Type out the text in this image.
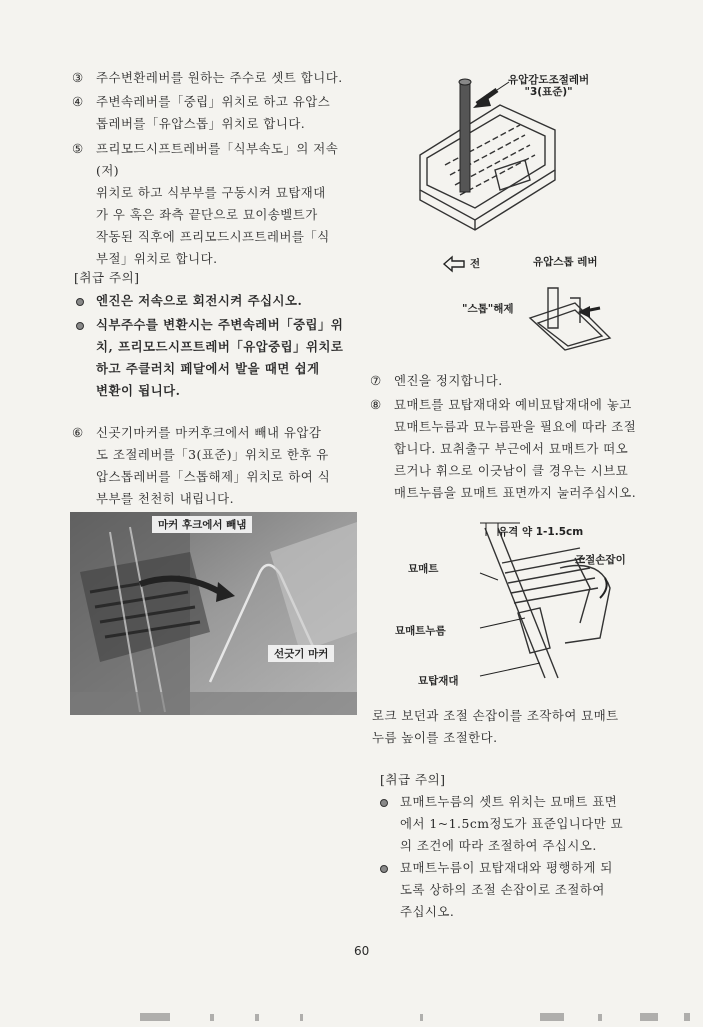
③ 주수변환레버를 원하는 주수로 셋트 합니다.
④ 주변속레버를「중립」위치로 하고 유압스
톱레버를「유압스톱」위치로 합니다.
⑤ 프리모드시프트레버를「식부속도」의 저속(저)
위치로 하고 식부부를 구동시켜 묘탑재대
가 우 혹은 좌측 끝단으로 묘이송벨트가
작동된 직후에 프리모드시프트레버를「식
부절」위치로 합니다.
[취급 주의]
엔진은 저속으로 회전시켜 주십시오.
식부주수를 변환시는 주변속레버「중립」위
치, 프리모드시프트레버「유압중립」위치로
하고 주클러치 페달에서 발을 때면 쉽게
변환이 됩니다.
⑥ 신곳기마커를 마커후크에서 빼내 유압감
도 조절레버를「3(표준)」위치로 한후 유
압스톱레버를「스톱해제」위치로 하여 식
부부를 천천히 내립니다.
마커 후크에서 빼냄
선긋기 마커
유압감도조절레버
"3(표준)"
전	유압스톱 레버
"스톱"해제
⑦ 엔진을 정지합니다.
⑧ 묘매트를 묘탑재대와 예비묘탑재대에 놓고
묘매트누름과 묘누름판을 필요에 따라 조절
합니다. 묘취출구 부근에서 묘매트가 떠오
르거나 휘으로 이긋남이 클 경우는 시브묘
매트누름을 묘매트 표면까지 눌러주십시오.
유격 약 1-1.5cm
묘매트
조절손잡이
묘매트누름
묘탑재대
로크 보던과 조절 손잡이를 조작하여 묘매트
누름 높이를 조절한다.
[취급 주의]
묘매트누름의 셋트 위치는 묘매트 표면
에서 1~1.5cm정도가 표준입니다만 묘
의 조건에 따라 조절하여 주십시오.
묘매트누름이 묘탑재대와 평행하게 되
도록 상하의 조절 손잡이로 조절하여
주십시오.
60
